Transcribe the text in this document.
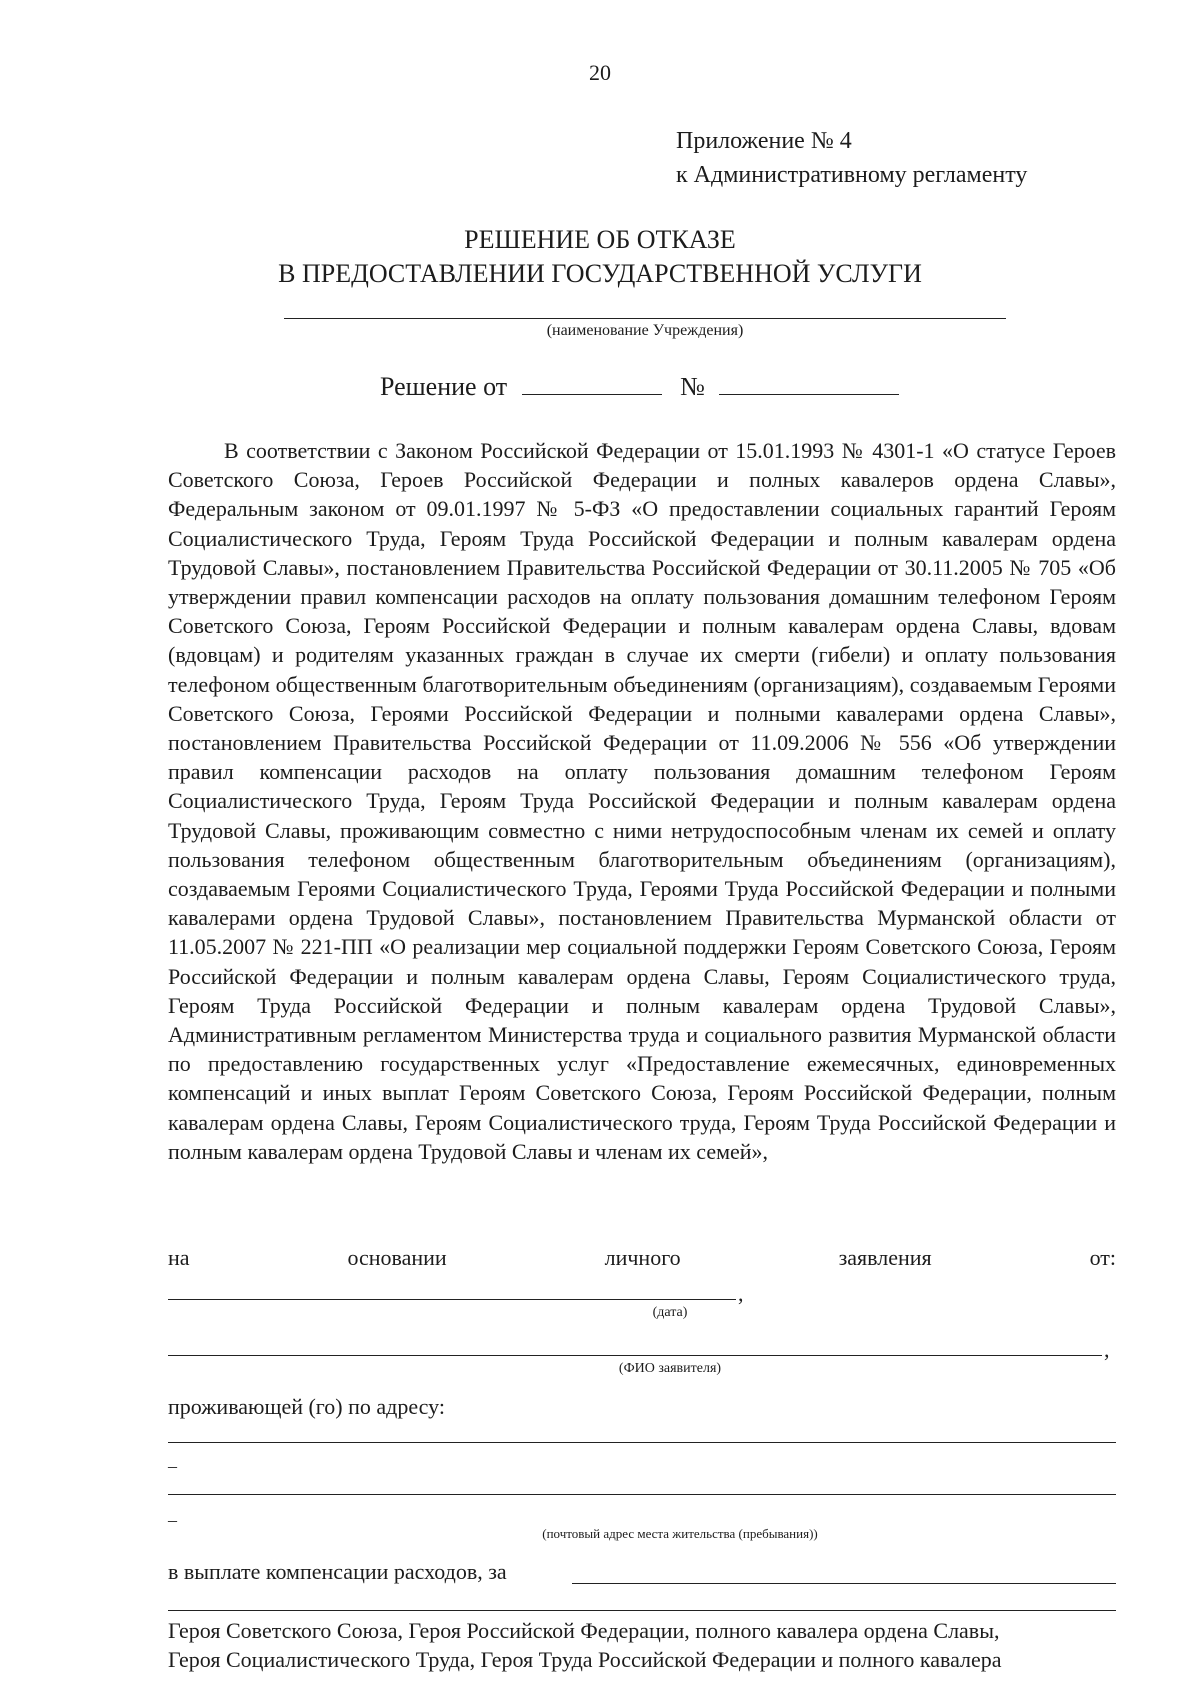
20
Приложение № 4
к Административному регламенту
РЕШЕНИЕ ОБ ОТКАЗЕ
В ПРЕДОСТАВЛЕНИИ ГОСУДАРСТВЕННОЙ УСЛУГИ
(наименование Учреждения)
Решение от	№
В соответствии с Законом Российской Федерации от 15.01.1993 № 4301-1 «О статусе Героев Советского Союза, Героев Российской Федерации и полных кавалеров ордена Славы», Федеральным законом от 09.01.1997 № 5-ФЗ «О предоставлении социальных гарантий Героям Социалистического Труда, Героям Труда Российской Федерации и полным кавалерам ордена Трудовой Славы», постановлением Правительства Российской Федерации от 30.11.2005 № 705 «Об утверждении правил компенсации расходов на оплату пользования домашним телефоном Героям Советского Союза, Героям Российской Федерации и полным кавалерам ордена Славы, вдовам (вдовцам) и родителям указанных граждан в случае их смерти (гибели) и оплату пользования телефоном общественным благотворительным объединениям (организациям), создаваемым Героями Советского Союза, Героями Российской Федерации и полными кавалерами ордена Славы», постановлением Правительства Российской Федерации от 11.09.2006 № 556 «Об утверждении правил компенсации расходов на оплату пользования домашним телефоном Героям Социалистического Труда, Героям Труда Российской Федерации и полным кавалерам ордена Трудовой Славы, проживающим совместно с ними нетрудоспособным членам их семей и оплату пользования телефоном общественным благотворительным объединениям (организациям), создаваемым Героями Социалистического Труда, Героями Труда Российской Федерации и полными кавалерами ордена Трудовой Славы», постановлением Правительства Мурманской области от 11.05.2007 № 221-ПП «О реализации мер социальной поддержки Героям Советского Союза, Героям Российской Федерации и полным кавалерам ордена Славы, Героям Социалистического труда, Героям Труда Российской Федерации и полным кавалерам ордена Трудовой Славы», Административным регламентом Министерства труда и социального развития Мурманской области по предоставлению государственных услуг «Предоставление ежемесячных, единовременных компенсаций и иных выплат Героям Советского Союза, Героям Российской Федерации, полным кавалерам ордена Славы, Героям Социалистического труда, Героям Труда Российской Федерации и полным кавалерам ордена Трудовой Славы и членам их семей»,
на	основании	личного	заявления	от:
,
(дата)
,
(ФИО заявителя)
проживающей (го) по адресу:
–
–
(почтовый адрес места жительства (пребывания))
в выплате компенсации расходов, за
Героя Советского Союза, Героя Российской Федерации, полного кавалера ордена Славы,
Героя Социалистического Труда, Героя Труда Российской Федерации и полного кавалера
